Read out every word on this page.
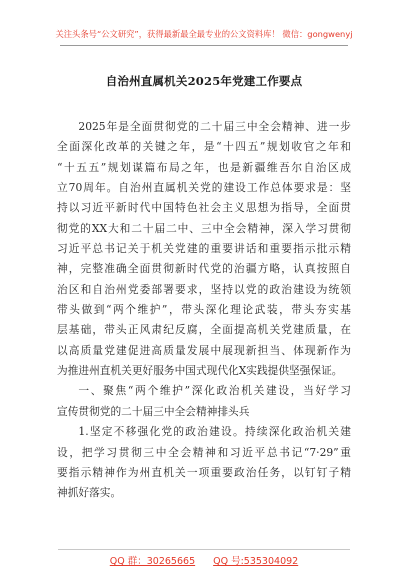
关注头条号“公文研究”，获得最新最全最专业的公文资料库！ 微信：gongwenyj
自治州直属机关2025年党建工作要点
2025年是全面贯彻党的二十届三中全会精神、进一步
全面深化改革的关键之年，是“十四五”规划收官之年和
“十五五”规划谋篇布局之年，也是新疆维吾尔自治区成
立70周年。自治州直属机关党的建设工作总体要求是：坚
持以习近平新时代中国特色社会主义思想为指导，全面贯
彻党的XX大和二十届二中、三中全会精神，深入学习贯彻
习近平总书记关于机关党建的重要讲话和重要指示批示精
神，完整准确全面贯彻新时代党的治疆方略，认真按照自
治区和自治州党委部署要求，坚持以党的政治建设为统领
带头做到“两个维护”，带头深化理论武装，带头夯实基
层基础，带头正风肃纪反腐，全面提高机关党建质量，在
以高质量党建促进高质量发展中展现新担当、体现新作为
为推进州直机关更好服务中国式现代化X实践提供坚强保证。
一、聚焦“两个维护”深化政治机关建设，当好学习
宣传贯彻党的二十届三中全会精神排头兵
1.坚定不移强化党的政治建设。持续深化政治机关建
设，把学习贯彻三中全会精神和习近平总书记“7·29”重
要指示精神作为州直机关一项重要政治任务，以钉钉子精
神抓好落实。
QQ 群：30265665 QQ 号:535304092
